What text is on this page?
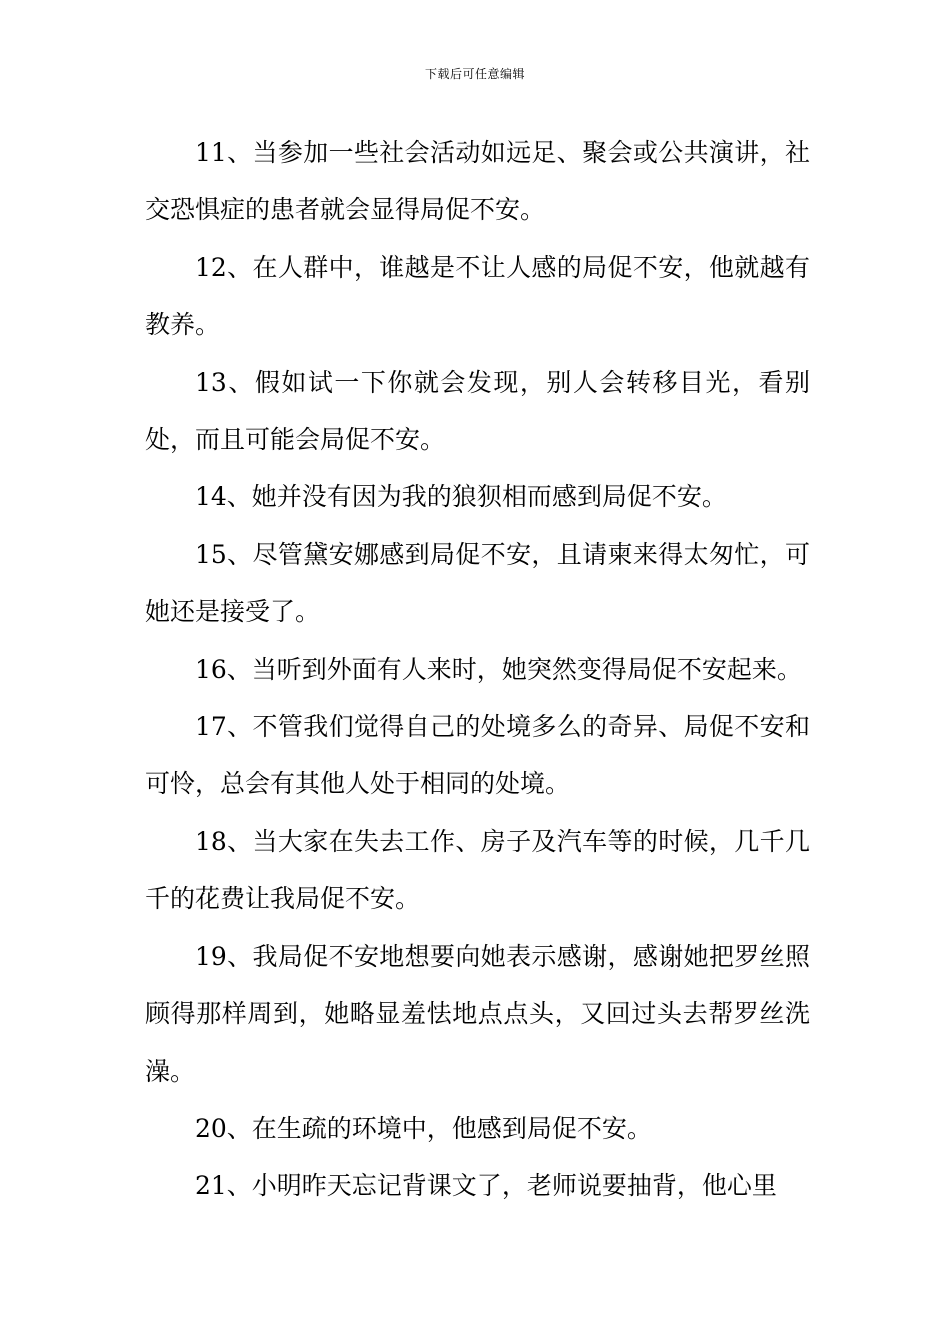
下载后可任意编辑

11、当参加一些社会活动如远足、聚会或公共演讲，社交恐惧症的患者就会显得局促不安。

12、在人群中，谁越是不让人感的局促不安，他就越有教养。

13、假如试一下你就会发现，别人会转移目光，看别处，而且可能会局促不安。

14、她并没有因为我的狼狈相而感到局促不安。

15、尽管黛安娜感到局促不安，且请柬来得太匆忙，可她还是接受了。

16、当听到外面有人来时，她突然变得局促不安起来。

17、不管我们觉得自己的处境多么的奇异、局促不安和可怜，总会有其他人处于相同的处境。

18、当大家在失去工作、房子及汽车等的时候，几千几千的花费让我局促不安。

19、我局促不安地想要向她表示感谢，感谢她把罗丝照顾得那样周到，她略显羞怯地点点头，又回过头去帮罗丝洗澡。

20、在生疏的环境中，他感到局促不安。

21、小明昨天忘记背课文了，老师说要抽背，他心里
